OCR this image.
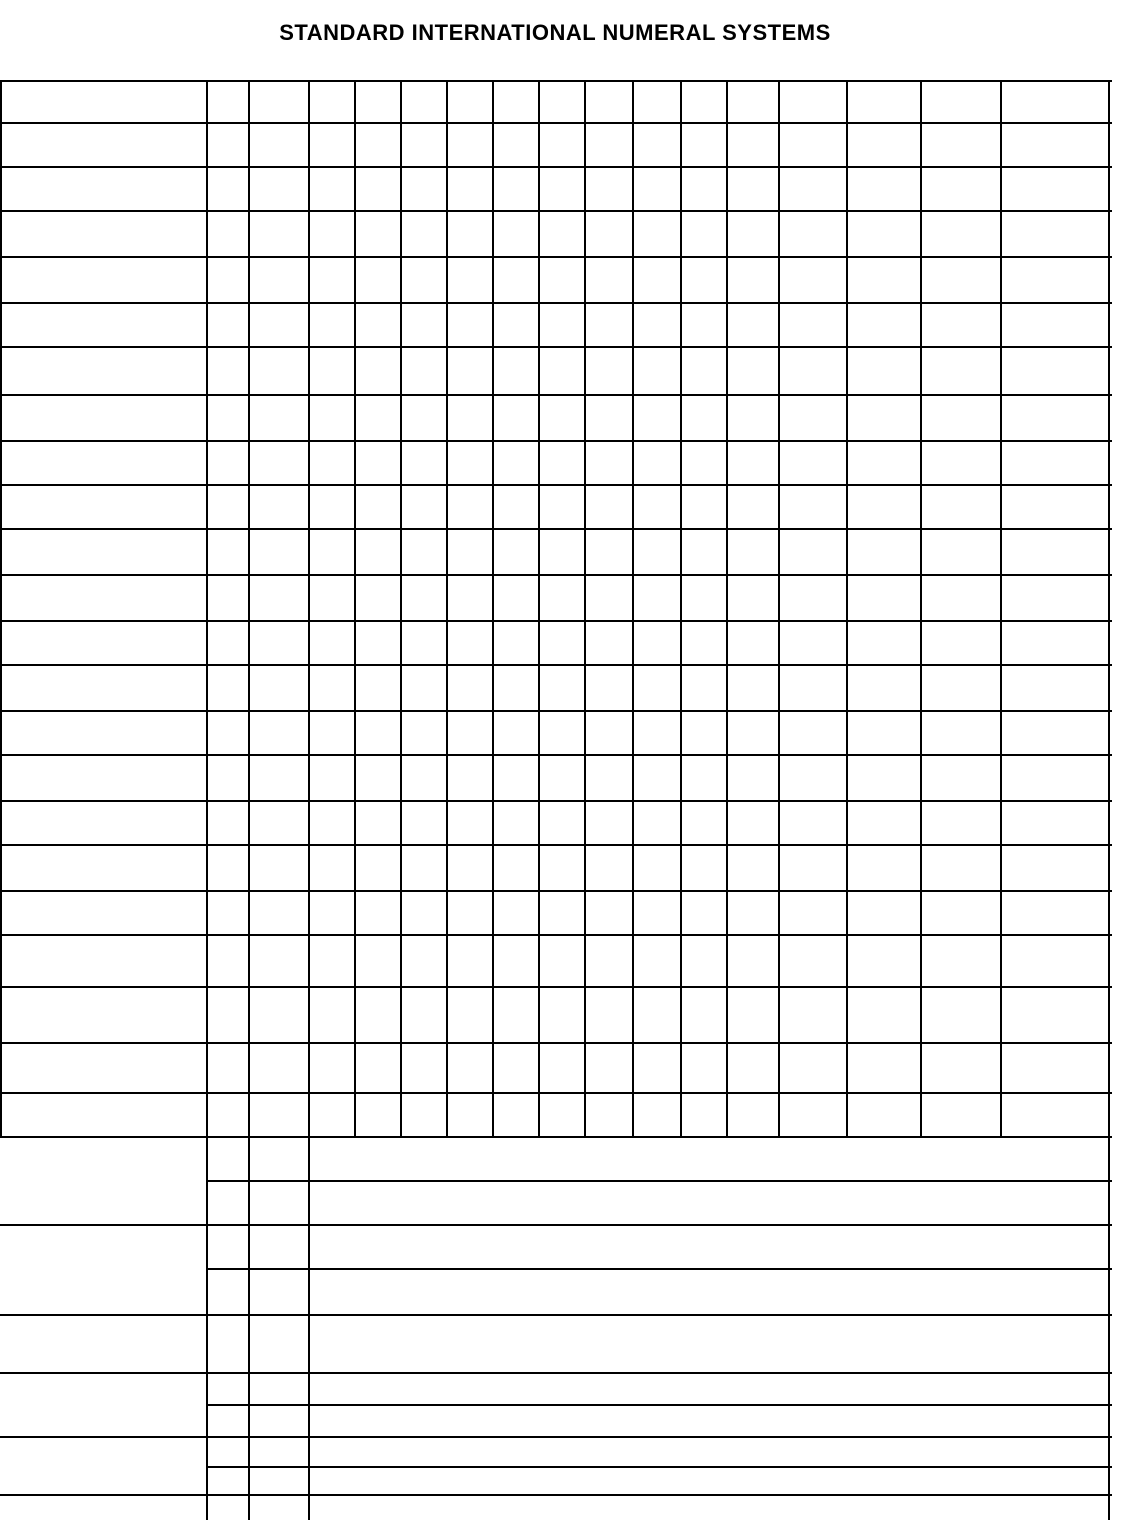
STANDARD INTERNATIONAL NUMERAL SYSTEMS
